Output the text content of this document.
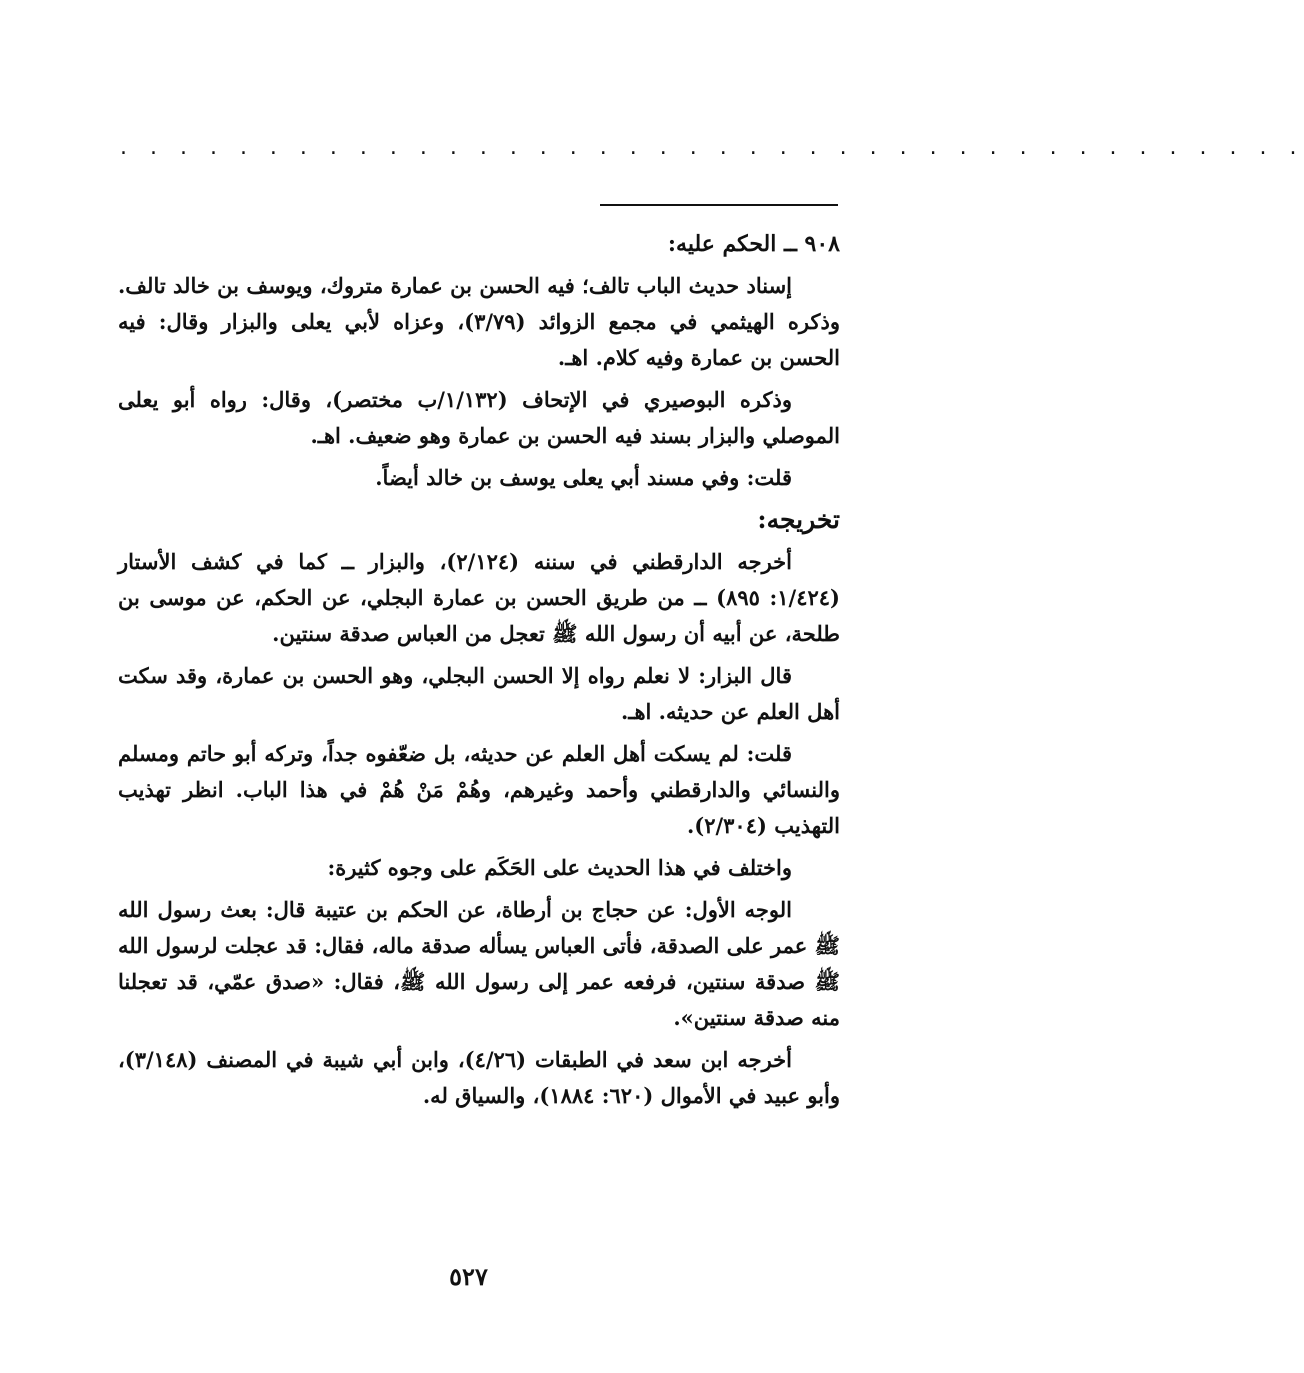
. . . . . . . . . . . . . . . . . . . . . . . . . . . . . . . . . . . . . . . .

٩٠٨ ــ الحكم عليه:

إسناد حديث الباب تالف؛ فيه الحسن بن عمارة متروك، ويوسف بن خالد تالف. وذكره الهيثمي في مجمع الزوائد (٣/٧٩)، وعزاه لأبي يعلى والبزار وقال: فيه الحسن بن عمارة وفيه كلام. اهـ.

وذكره البوصيري في الإتحاف (١/١٣٢/ب مختصر)، وقال: رواه أبو يعلى الموصلي والبزار بسند فيه الحسن بن عمارة وهو ضعيف. اهـ.

قلت: وفي مسند أبي يعلى يوسف بن خالد أيضاً.

تخريجه:

أخرجه الدارقطني في سننه (٢/١٢٤)، والبزار ــ كما في كشف الأستار (١/٤٢٤: ٨٩٥) ــ من طريق الحسن بن عمارة البجلي، عن الحكم، عن موسى بن طلحة، عن أبيه أن رسول الله ﷺ تعجل من العباس صدقة سنتين.

قال البزار: لا نعلم رواه إلا الحسن البجلي، وهو الحسن بن عمارة، وقد سكت أهل العلم عن حديثه. اهـ.

قلت: لم يسكت أهل العلم عن حديثه، بل ضعّفوه جداً، وتركه أبو حاتم ومسلم والنسائي والدارقطني وأحمد وغيرهم، وهُمْ مَنْ هُمْ في هذا الباب. انظر تهذيب التهذيب (٢/٣٠٤).

واختلف في هذا الحديث على الحَكَم على وجوه كثيرة:

الوجه الأول: عن حجاج بن أرطاة، عن الحكم بن عتيبة قال: بعث رسول الله ﷺ عمر على الصدقة، فأتى العباس يسأله صدقة ماله، فقال: قد عجلت لرسول الله ﷺ صدقة سنتين، فرفعه عمر إلى رسول الله ﷺ، فقال: «صدق عمّي، قد تعجلنا منه صدقة سنتين».

أخرجه ابن سعد في الطبقات (٤/٢٦)، وابن أبي شيبة في المصنف (٣/١٤٨)، وأبو عبيد في الأموال (٦٢٠: ١٨٨٤)، والسياق له.

٥٢٧
